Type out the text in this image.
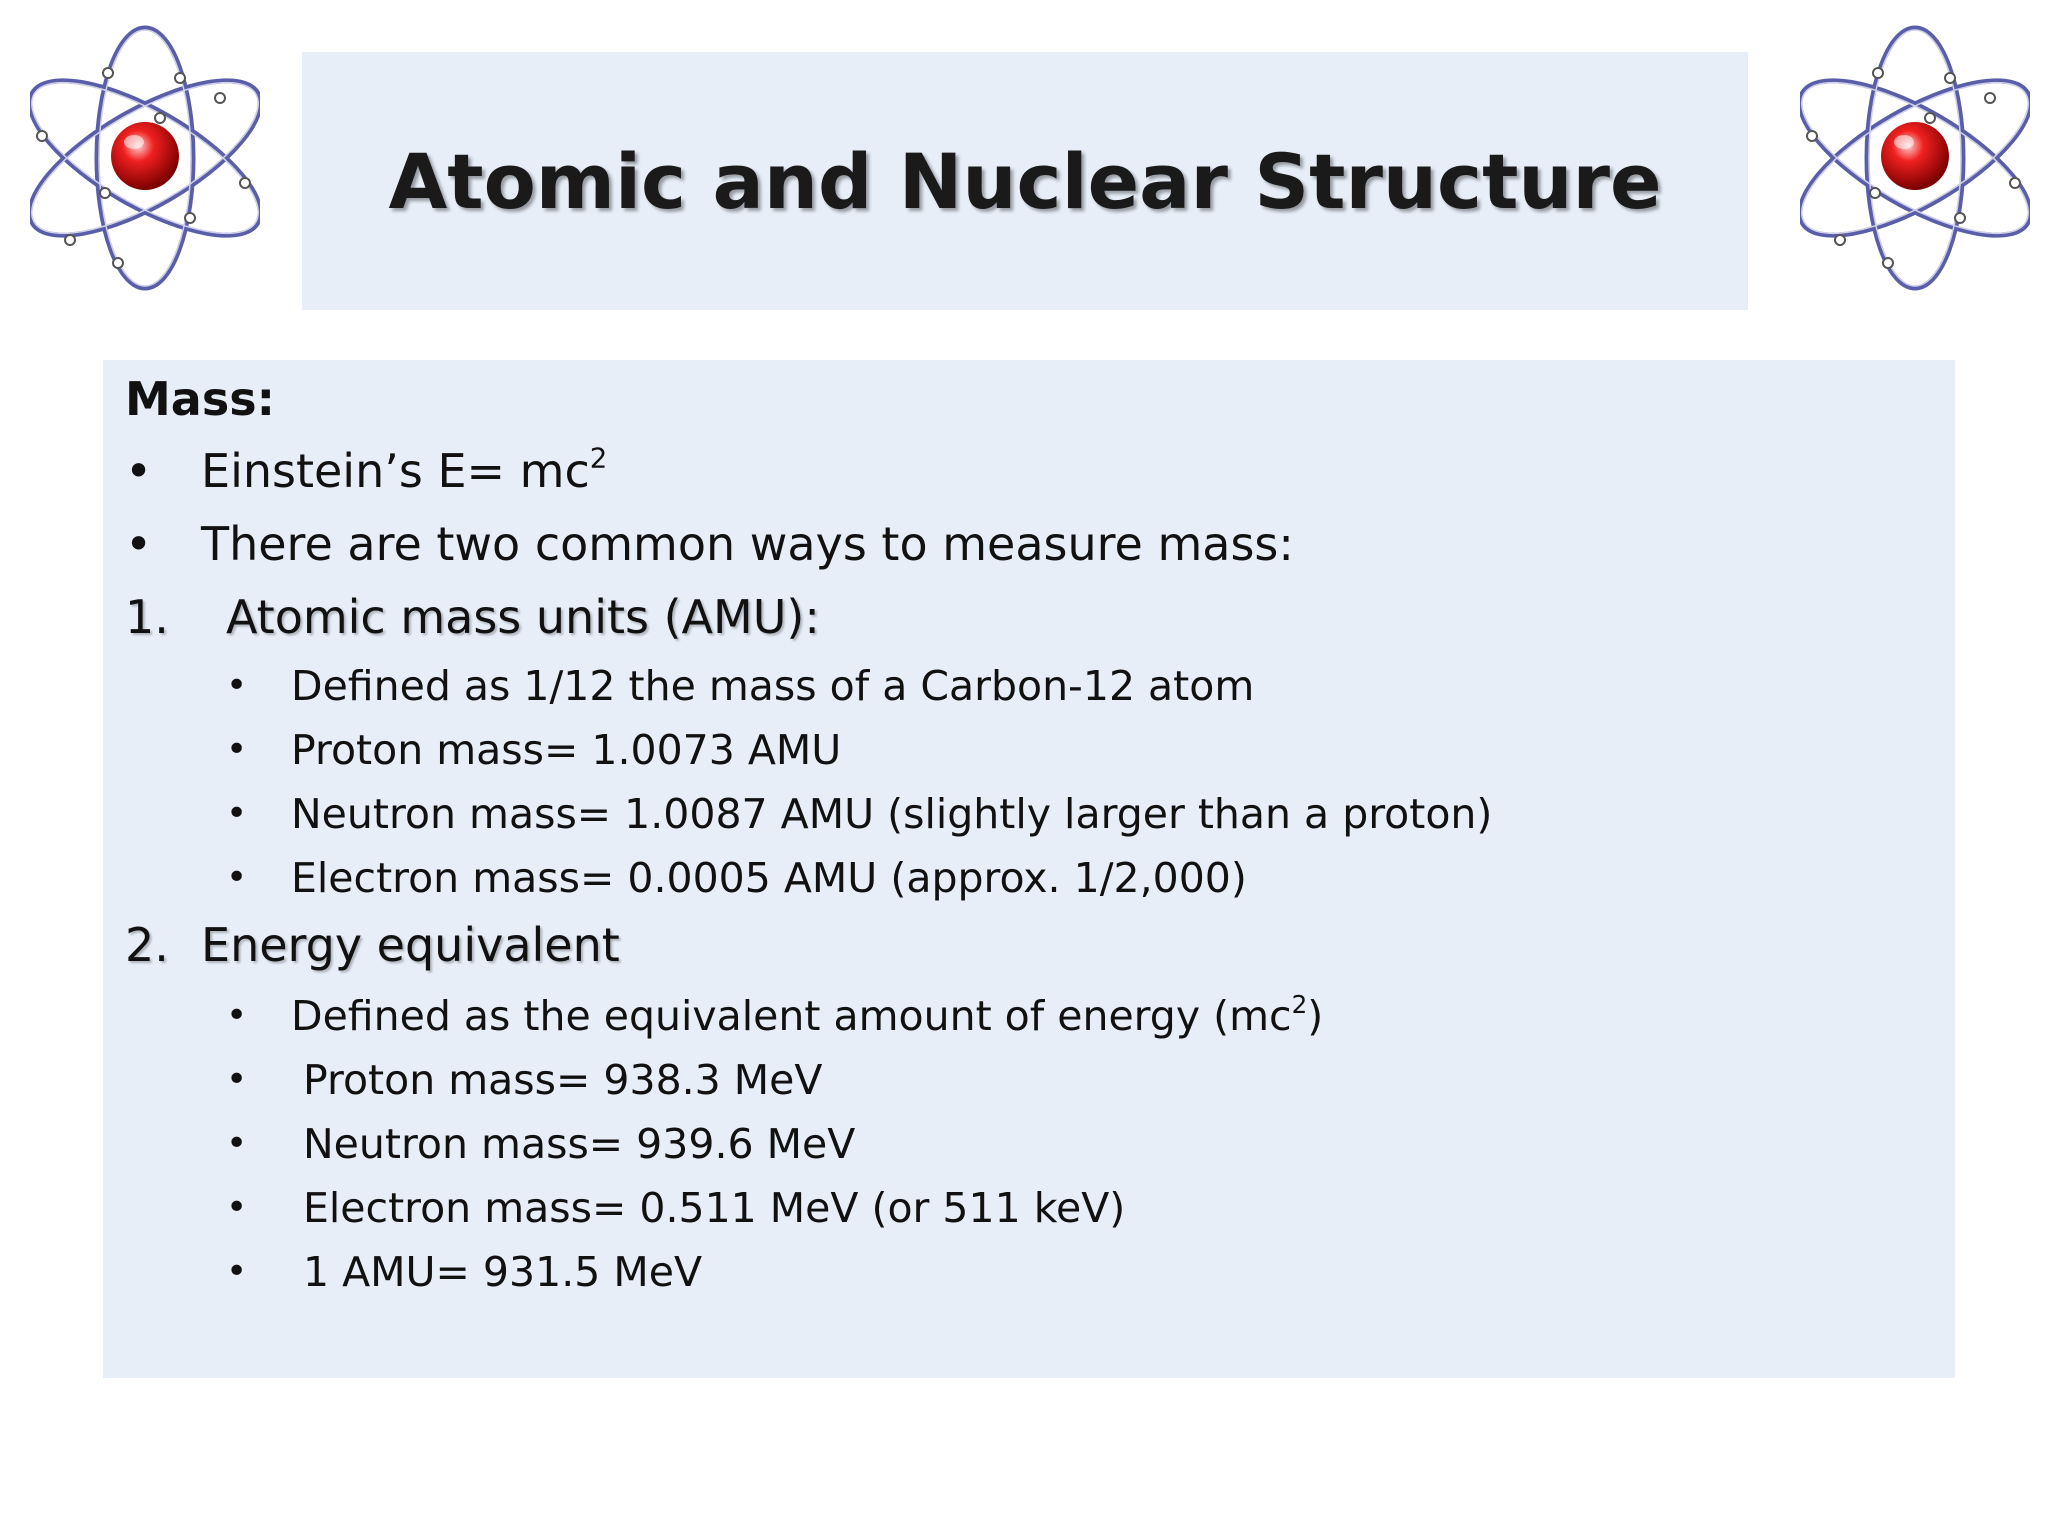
Atomic and Nuclear Structure
Mass:
• Einstein’s $E= mc^2$
• There are two common ways to measure mass:
1. Atomic mass units (AMU):
• Defined as 1/12 the mass of a Carbon-12 atom
• Proton mass= 1.0073 AMU
• Neutron mass= 1.0087 AMU (slightly larger than a proton)
• Electron mass= 0.0005 AMU (approx. 1/2,000)
2. Energy equivalent
• Defined as the equivalent amount of energy $(mc^2)$
• Proton mass= 938.3 MeV
• Neutron mass= 939.6 MeV
• Electron mass= 0.511 MeV (or 511 keV)
• 1 AMU= 931.5 MeV
